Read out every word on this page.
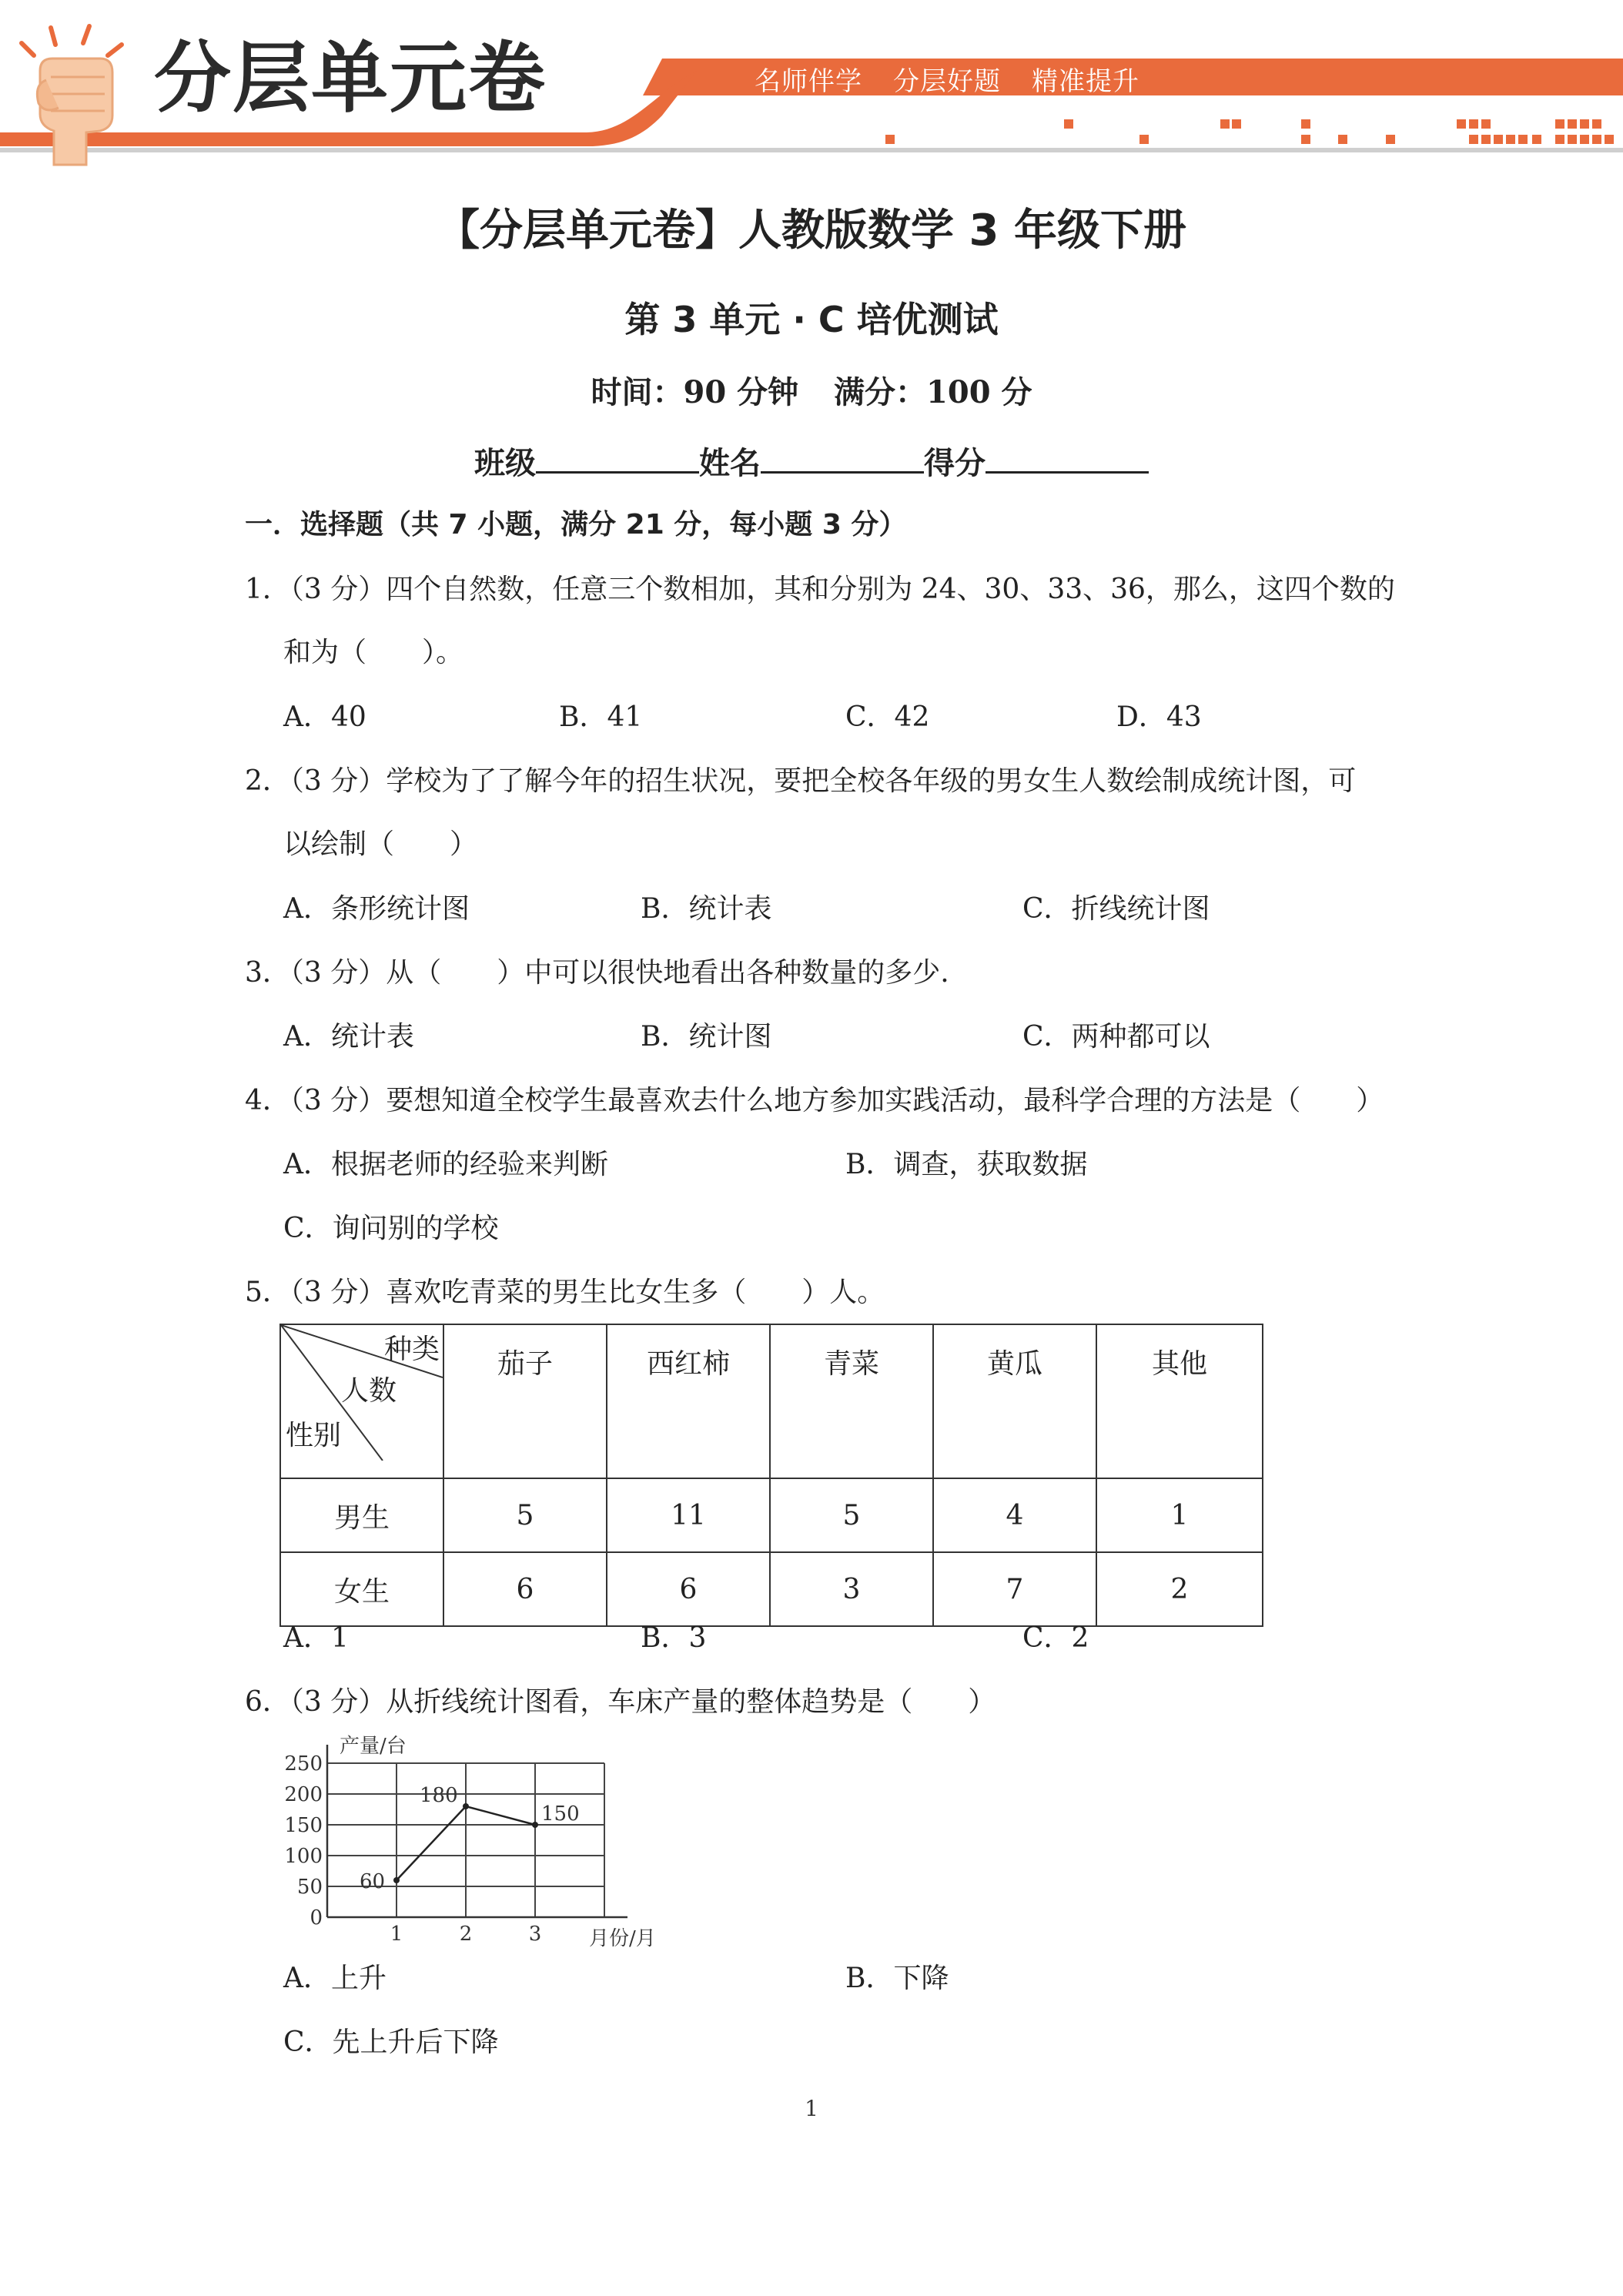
分层单元卷	名师伴学 分层好题 精准提升
【分层单元卷】人教版数学 3 年级下册
第 3 单元 · C 培优测试
时间：90 分钟 满分：100 分
班级	姓名	得分
一．选择题（共 7 小题，满分 21 分，每小题 3 分）
1．（3 分）四个自然数，任意三个数相加，其和分别为 24、30、33、36，那么，这四个数的
和为（　　）。
A．40	B．41	C．42	D．43
2．（3 分）学校为了了解今年的招生状况，要把全校各年级的男女生人数绘制成统计图，可
以绘制（　　）
A．条形统计图	B．统计表	C．折线统计图
3．（3 分）从（　　）中可以很快地看出各种数量的多少.
A．统计表	B．统计图	C．两种都可以
4．（3 分）要想知道全校学生最喜欢去什么地方参加实践活动，最科学合理的方法是（　　）
A．根据老师的经验来判断	B．调查，获取数据
C．询问别的学校
5．（3 分）喜欢吃青菜的男生比女生多（　　）人。
种类
人数
性别	茄子	西红柿	青菜	黄瓜	其他
男生	5	11	5	4	1
女生	6	6	3	7	2
A．1	B．3	C．2
6．（3 分）从折线统计图看，车床产量的整体趋势是（　　）
0
50
100
150
200
250
1	2	3
60
180
150
产量/台
月份/月
A．上升	B．下降
C．先上升后下降
1
